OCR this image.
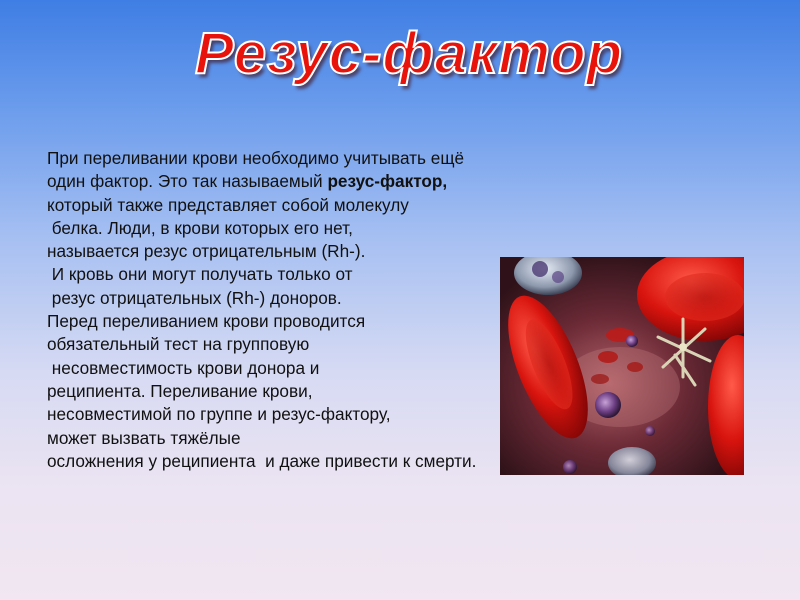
Резус-фактор
При переливании крови необходимо учитывать ещё
один фактор. Это так называемый резус-фактор,
который также представляет собой молекулу
белка. Люди, в крови которых его нет,
называется резус отрицательным (Rh-).
И кровь они могут получать только от
резус отрицательных (Rh-) доноров.
Перед переливанием крови проводится
обязательный тест на групповую
несовместимость крови донора и
реципиента. Переливание крови,
несовместимой по группе и резус-фактору,
может вызвать тяжёлые
осложнения у реципиента  и даже привести к смерти.
